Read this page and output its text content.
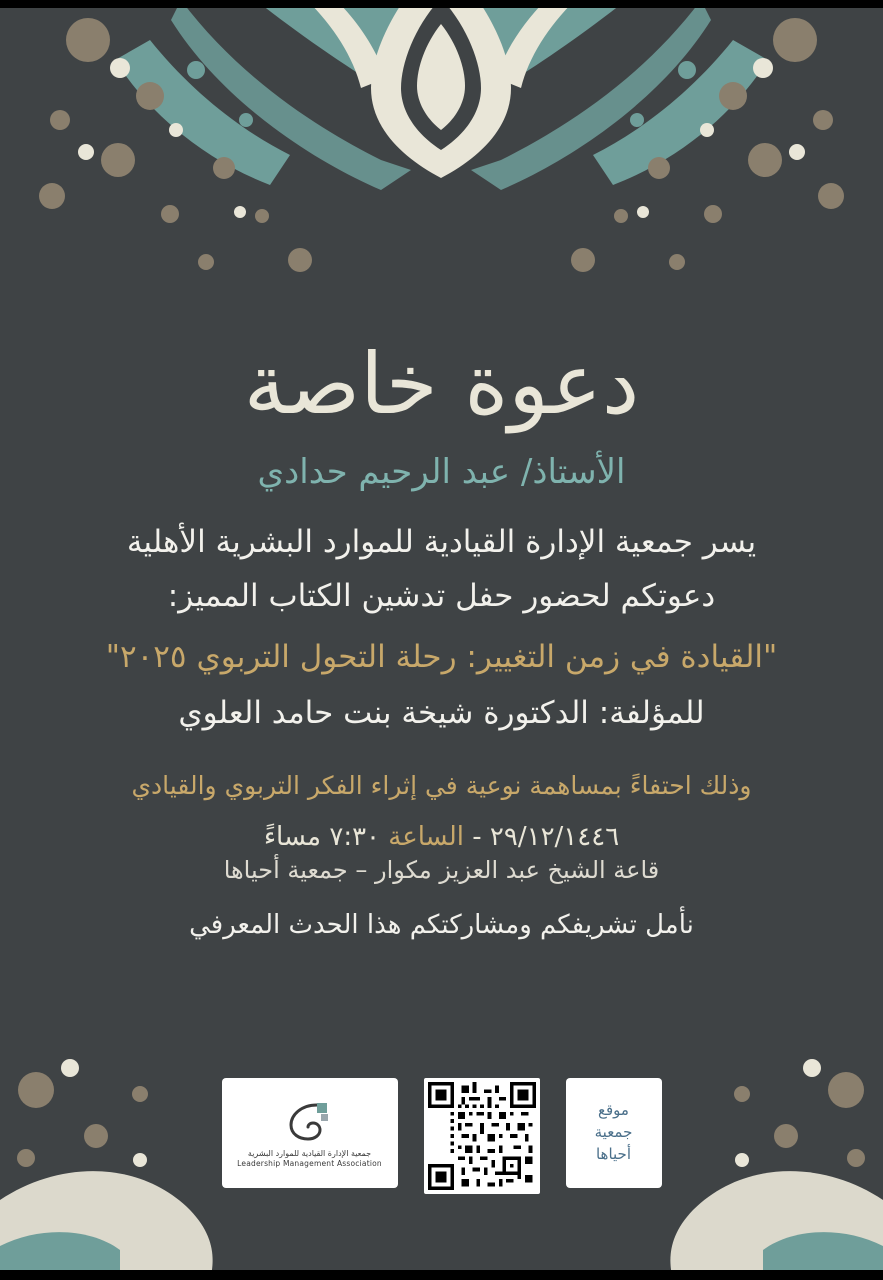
دعوة خاصة
الأستاذ/ عبد الرحيم حدادي
يسر جمعية الإدارة القيادية للموارد البشرية الأهلية
دعوتكم لحضور حفل تدشين الكتاب المميز:
"القيادة في زمن التغيير: رحلة التحول التربوي ٢٠٢٥"
للمؤلفة: الدكتورة شيخة بنت حامد العلوي
وذلك احتفاءً بمساهمة نوعية في إثراء الفكر التربوي والقيادي
٢٩/١٢/١٤٤٦ - الساعة ٧:٣٠ مساءً
قاعة الشيخ عبد العزيز مكوار – جمعية أحياها
نأمل تشريفكم ومشاركتكم هذا الحدث المعرفي
جمعية الإدارة القيادية للموارد البشرية
Leadership Management Association
موقع
جمعية
أحياها
